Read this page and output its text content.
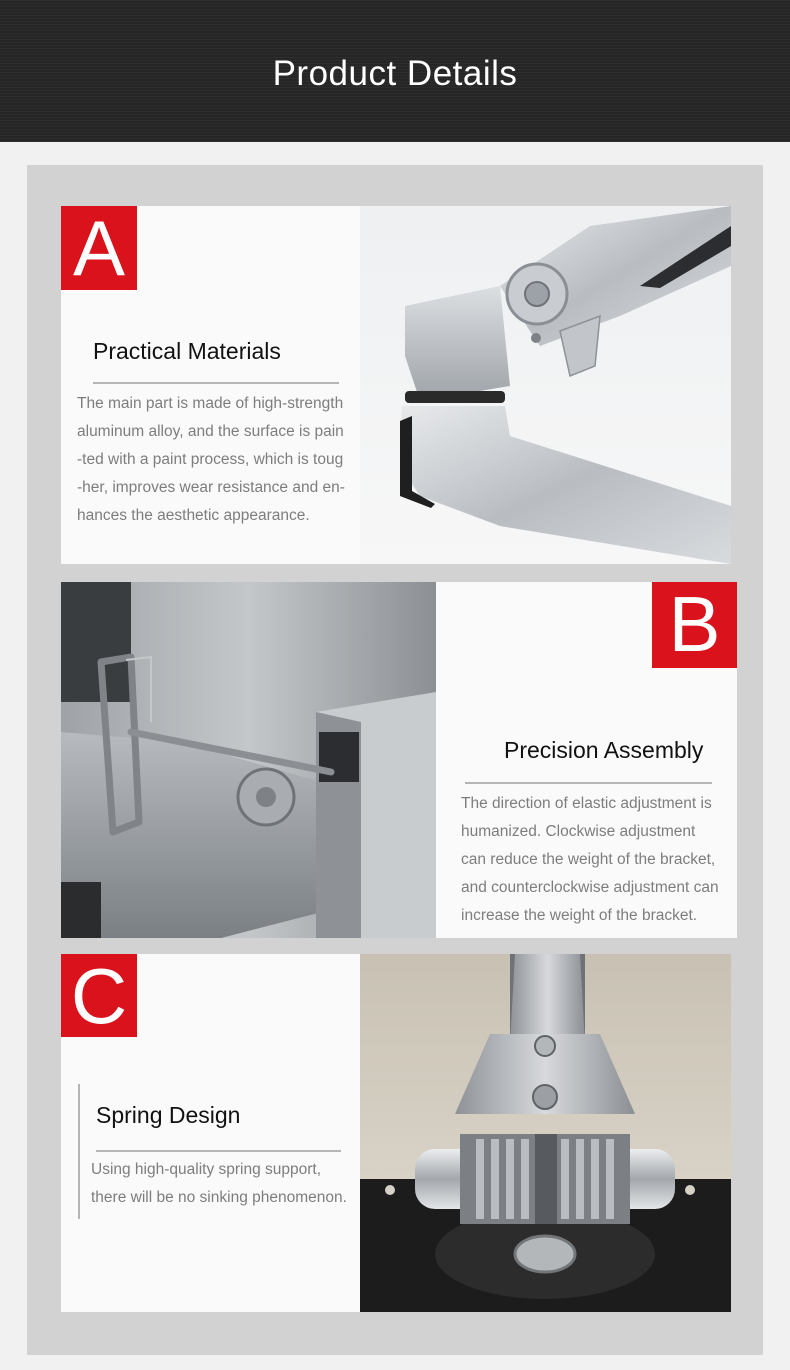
Product Details
A
Practical Materials
The main part is made of high-strength
aluminum alloy, and the surface is pain
-ted with a paint process, which is toug
-her, improves wear resistance and en-
hances the aesthetic appearance.
B
Precision Assembly
The direction of elastic adjustment is
humanized. Clockwise adjustment
can reduce the weight of the bracket,
and counterclockwise adjustment can
increase the weight of the bracket.
C
Spring Design
Using high-quality spring support,
there will be no sinking phenomenon.
